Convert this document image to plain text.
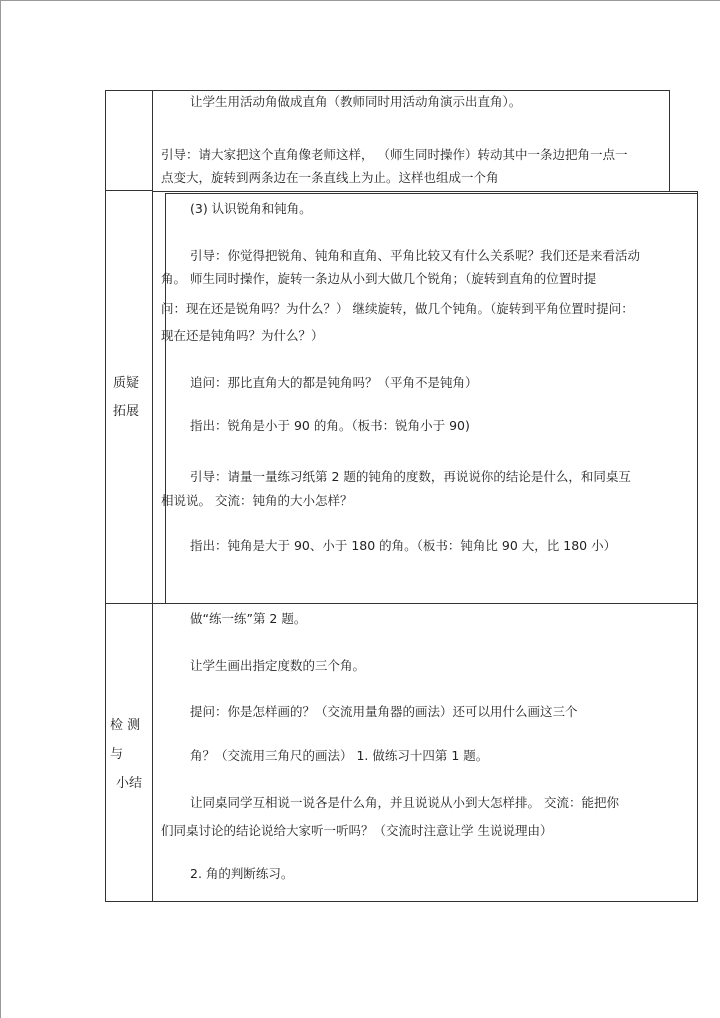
让学生用活动角做成直角（教师同时用活动角演示出直角）。
引导：请大家把这个直角像老师这样， （师生同时操作）转动其中一条边把角一点一
点变大，旋转到两条边在一条直线上为止。这样也组成一个角
质疑
拓展
(3) 认识锐角和钝角。
引导：你觉得把锐角、钝角和直角、平角比较又有什么关系呢？我们还是来看活动
角。 师生同时操作，旋转一条边从小到大做几个锐角；（旋转到直角的位置时提
问：现在还是锐角吗？为什么？） 继续旋转，做几个钝角。（旋转到平角位置时提问：
现在还是钝角吗？为什么？）
追问：那比直角大的都是钝角吗？（平角不是钝角）
指出：锐角是小于 90 的角。（板书：锐角小于 90)
引导：请量一量练习纸第 2 题的钝角的度数，再说说你的结论是什么，和同桌互
相说说。 交流：钝角的大小怎样？
指出：钝角是大于 90、小于 180 的角。（板书：钝角比 90 大，比 180 小）
检 测
与
小结
做“练一练”第 2 题。
让学生画出指定度数的三个角。
提问：你是怎样画的？（交流用量角器的画法）还可以用什么画这三个
角？（交流用三角尺的画法） 1. 做练习十四第 1 题。
让同桌同学互相说一说各是什么角，并且说说从小到大怎样排。 交流：能把你
们同桌讨论的结论说给大家听一听吗？（交流时注意让学 生说说理由）
2. 角的判断练习。
